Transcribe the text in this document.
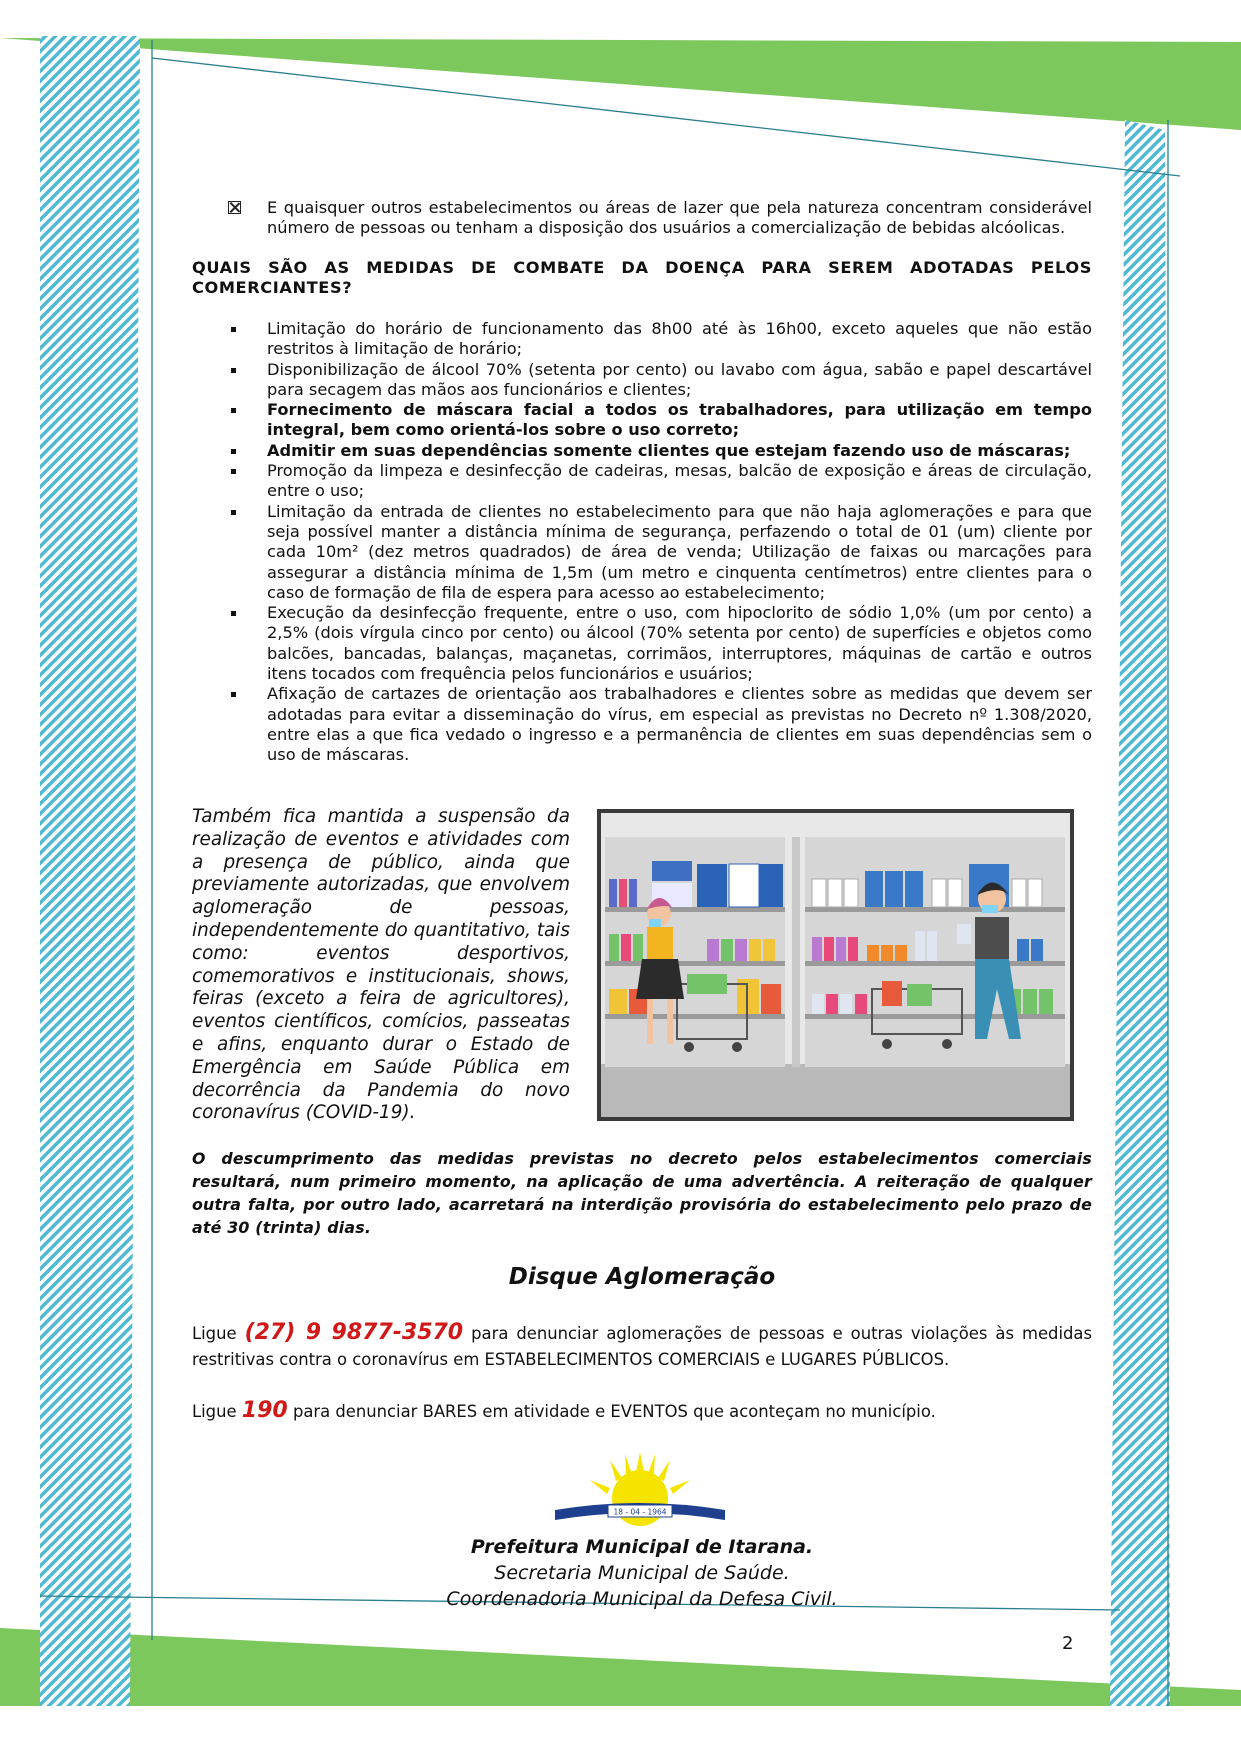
E quaisquer outros estabelecimentos ou áreas de lazer que pela natureza concentram considerável número de pessoas ou tenham a disposição dos usuários a comercialização de bebidas alcóolicas.
QUAIS SÃO AS MEDIDAS DE COMBATE DA DOENÇA PARA SEREM ADOTADAS PELOS
COMERCIANTES?
Limitação do horário de funcionamento das 8h00 até às 16h00, exceto aqueles que não estão restritos à limitação de horário;
Disponibilização de álcool 70% (setenta por cento) ou lavabo com água, sabão e papel descartável para secagem das mãos aos funcionários e clientes;
Fornecimento de máscara facial a todos os trabalhadores, para utilização em tempo integral, bem como orientá-los sobre o uso correto;
Admitir em suas dependências somente clientes que estejam fazendo uso de máscaras;
Promoção da limpeza e desinfecção de cadeiras, mesas, balcão de exposição e áreas de circulação, entre o uso;
Limitação da entrada de clientes no estabelecimento para que não haja aglomerações e para que seja possível manter a distância mínima de segurança, perfazendo o total de 01 (um) cliente por cada 10m² (dez metros quadrados) de área de venda; Utilização de faixas ou marcações para assegurar a distância mínima de 1,5m (um metro e cinquenta centímetros) entre clientes para o caso de formação de fila de espera para acesso ao estabelecimento;
Execução da desinfecção frequente, entre o uso, com hipoclorito de sódio 1,0% (um por cento) a 2,5% (dois vírgula cinco por cento) ou álcool (70% setenta por cento) de superfícies e objetos como balcões, bancadas, balanças, maçanetas, corrimãos, interruptores, máquinas de cartão e outros itens tocados com frequência pelos funcionários e usuários;
Afixação de cartazes de orientação aos trabalhadores e clientes sobre as medidas que devem ser adotadas para evitar a disseminação do vírus, em especial as previstas no Decreto nº 1.308/2020, entre elas a que fica vedado o ingresso e a permanência de clientes em suas dependências sem o uso de máscaras.
Também fica mantida a suspensão da realização de eventos e atividades com a presença de público, ainda que previamente autorizadas, que envolvem aglomeração de pessoas, independentemente do quantitativo, tais como: eventos desportivos, comemorativos e institucionais, shows, feiras (exceto a feira de agricultores), eventos científicos, comícios, passeatas e afins, enquanto durar o Estado de Emergência em Saúde Pública em decorrência da Pandemia do novo coronavírus (COVID-19).
O descumprimento das medidas previstas no decreto pelos estabelecimentos comerciais resultará, num primeiro momento, na aplicação de uma advertência. A reiteração de qualquer outra falta, por outro lado, acarretará na interdição provisória do estabelecimento pelo prazo de até 30 (trinta) dias.
Disque Aglomeração
Ligue (27) 9 9877-3570 para denunciar aglomerações de pessoas e outras violações às medidas restritivas contra o coronavírus em ESTABELECIMENTOS COMERCIAIS e LUGARES PÚBLICOS.
Ligue 190 para denunciar BARES em atividade e EVENTOS que aconteçam no município.
18 - 04 - 1964
Prefeitura Municipal de Itarana.
Secretaria Municipal de Saúde.
Coordenadoria Municipal da Defesa Civil.
2
